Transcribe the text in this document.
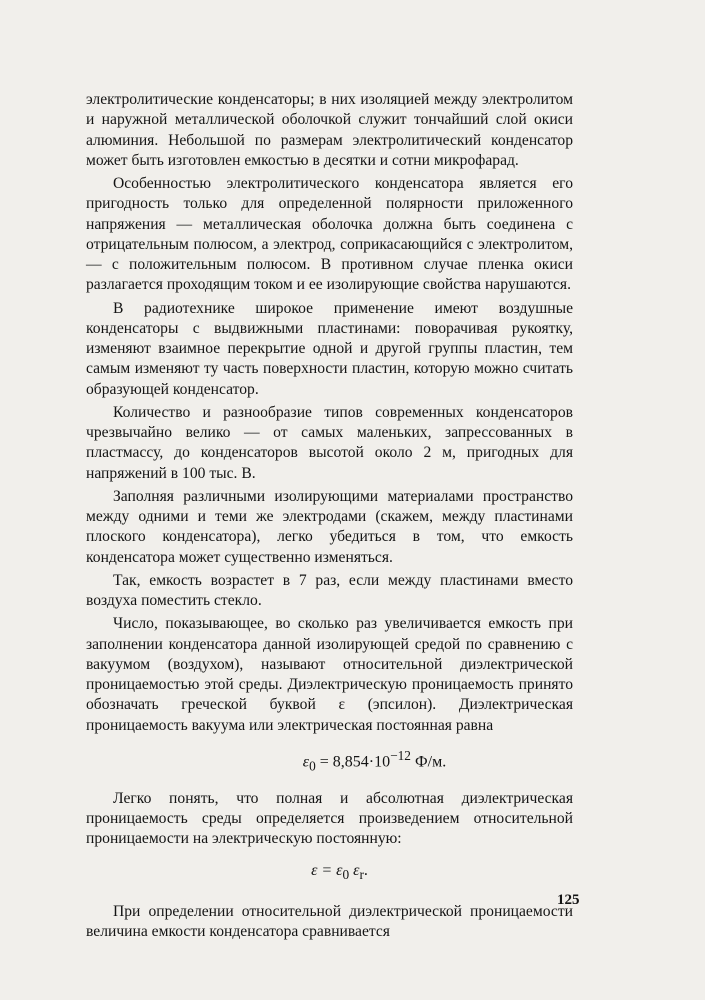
электролитические конденсаторы; в них изоляцией между электролитом и наружной металлической оболочкой служит тончайший слой окиси алюминия. Небольшой по размерам электролитический конденсатор может быть изготовлен емкостью в десятки и сотни микрофарад.

Особенностью электролитического конденсатора является его пригодность только для определенной полярности приложенного напряжения — металлическая оболочка должна быть соединена с отрицательным полюсом, а электрод, соприкасающийся с электролитом, — с положительным полюсом. В противном случае пленка окиси разлагается проходящим током и ее изолирующие свойства нарушаются.

В радиотехнике широкое применение имеют воздушные конденсаторы с выдвижными пластинами: поворачивая рукоятку, изменяют взаимное перекрытие одной и другой группы пластин, тем самым изменяют ту часть поверхности пластин, которую можно считать образующей конденсатор.

Количество и разнообразие типов современных конденсаторов чрезвычайно велико — от самых маленьких, запрессованных в пластмассу, до конденсаторов высотой около 2 м, пригодных для напряжений в 100 тыс. В.

Заполняя различными изолирующими материалами пространство между одними и теми же электродами (скажем, между пластинами плоского конденсатора), легко убедиться в том, что емкость конденсатора может существенно изменяться.

Так, емкость возрастет в 7 раз, если между пластинами вместо воздуха поместить стекло.

Число, показывающее, во сколько раз увеличивается емкость при заполнении конденсатора данной изолирующей средой по сравнению с вакуумом (воздухом), называют относительной диэлектрической проницаемостью этой среды. Диэлектрическую проницаемость принято обозначать греческой буквой ε (эпсилон). Диэлектрическая проницаемость вакуума или электрическая постоянная равна

$\varepsilon_0 = 8,854\cdot 10^{-12}$ Ф/м.

Легко понять, что полная и абсолютная диэлектрическая проницаемость среды определяется произведением относительной проницаемости на электрическую постоянную:

$\varepsilon = \varepsilon_0$ $\varepsilon_r$.

При определении относительной диэлектрической проницаемости величина емкости конденсатора сравнивается

125
